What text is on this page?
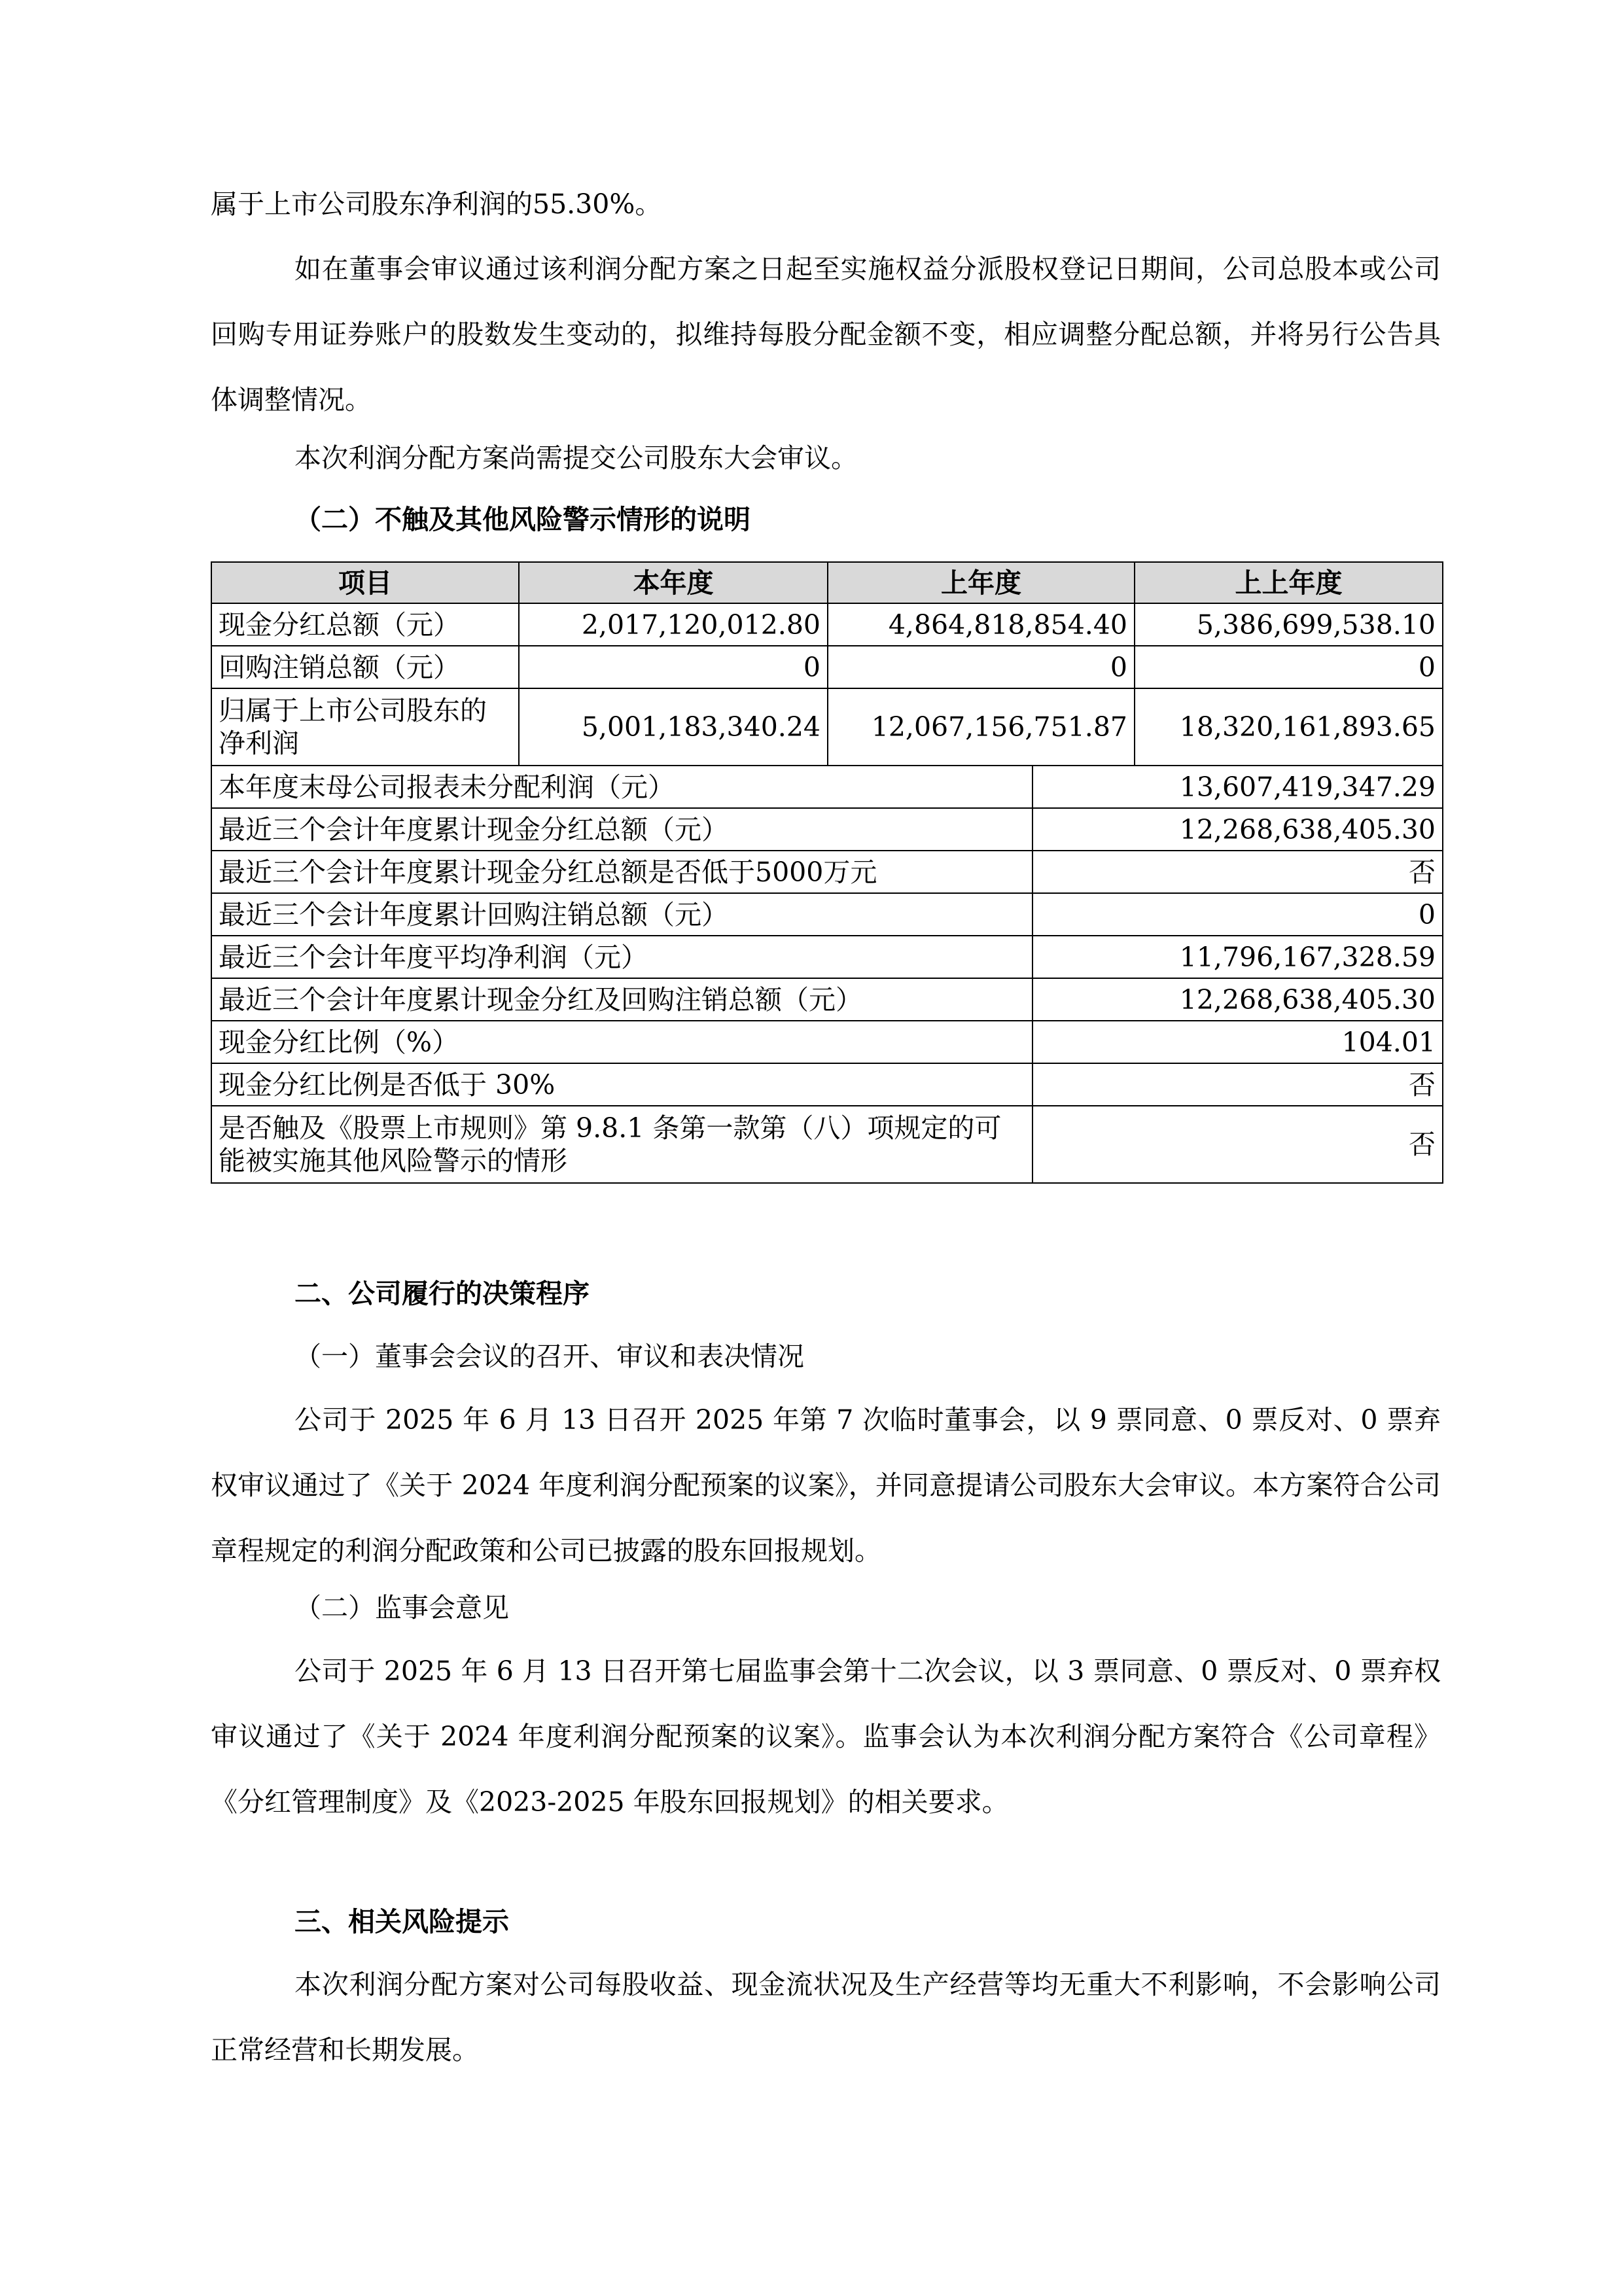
属于上市公司股东净利润的55.30%。

如在董事会审议通过该利润分配方案之日起至实施权益分派股权登记日期间，公司总股本或公司回购专用证券账户的股数发生变动的，拟维持每股分配金额不变，相应调整分配总额，并将另行公告具体调整情况。

本次利润分配方案尚需提交公司股东大会审议。

（二）不触及其他风险警示情形的说明

项目	本年度	上年度		上上年度
现金分红总额（元）	2,017,120,012.80	4,864,818,854.40		5,386,699,538.10
回购注销总额（元）	0	0		0
归属于上市公司股东的净利润	5,001,183,340.24	12,067,156,751.87		18,320,161,893.65
本年度末母公司报表未分配利润（元）			13,607,419,347.29	
最近三个会计年度累计现金分红总额（元）			12,268,638,405.30	
最近三个会计年度累计现金分红总额是否低于5000万元			否	
最近三个会计年度累计回购注销总额（元）			0	
最近三个会计年度平均净利润（元）			11,796,167,328.59	
最近三个会计年度累计现金分红及回购注销总额（元）			12,268,638,405.30	
现金分红比例（%）			104.01	
现金分红比例是否低于 30%			否	
是否触及《股票上市规则》第 9.8.1 条第一款第（八）项规定的可能被实施其他风险警示的情形			否	

二、公司履行的决策程序

（一）董事会会议的召开、审议和表决情况

公司于 2025 年 6 月 13 日召开 2025 年第 7 次临时董事会，以 9 票同意、0 票反对、0 票弃权审议通过了《关于 2024 年度利润分配预案的议案》，并同意提请公司股东大会审议。本方案符合公司章程规定的利润分配政策和公司已披露的股东回报规划。

（二）监事会意见

公司于 2025 年 6 月 13 日召开第七届监事会第十二次会议，以 3 票同意、0 票反对、0 票弃权审议通过了《关于 2024 年度利润分配预案的议案》。监事会认为本次利润分配方案符合《公司章程》《分红管理制度》及《2023-2025 年股东回报规划》的相关要求。

三、相关风险提示

本次利润分配方案对公司每股收益、现金流状况及生产经营等均无重大不利影响，不会影响公司正常经营和长期发展。
